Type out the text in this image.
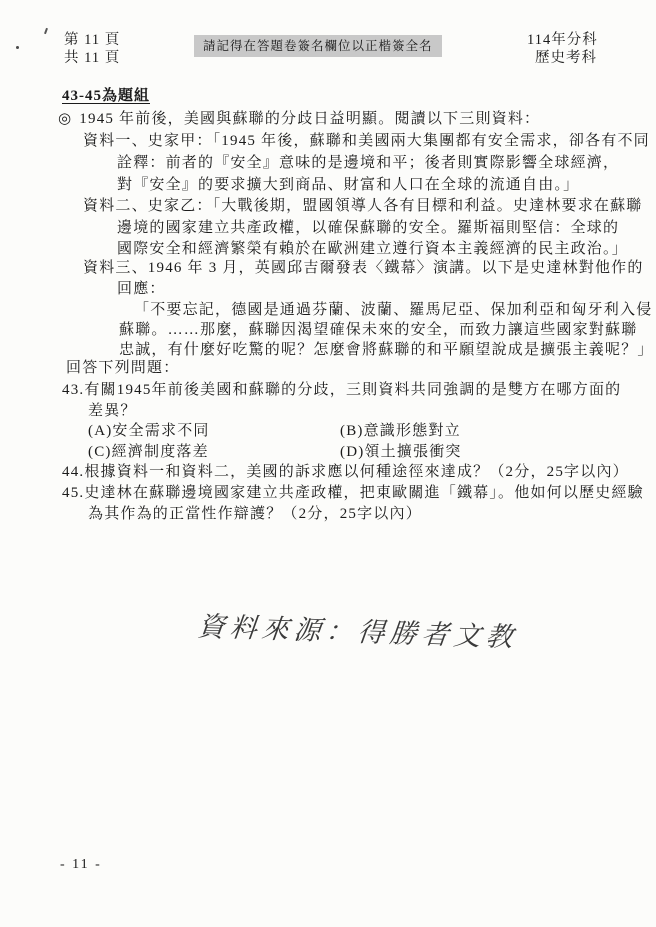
第 11 頁
共 11 頁
請記得在答題卷簽名欄位以正楷簽全名	114年分科
歷史考科
43-45為題組
◎ 1945 年前後，美國與蘇聯的分歧日益明顯。閱讀以下三則資料：
資料一、史家甲：「1945 年後，蘇聯和美國兩大集團都有安全需求，卻各有不同
詮釋：前者的『安全』意味的是邊境和平；後者則實際影響全球經濟，
對『安全』的要求擴大到商品、財富和人口在全球的流通自由。」
資料二、史家乙：「大戰後期，盟國領導人各有目標和利益。史達林要求在蘇聯
邊境的國家建立共產政權，以確保蘇聯的安全。羅斯福則堅信：全球的
國際安全和經濟繁榮有賴於在歐洲建立遵行資本主義經濟的民主政治。」
資料三、1946 年 3 月，英國邱吉爾發表〈鐵幕〉演講。以下是史達林對他作的
回應：
「不要忘記，德國是通過芬蘭、波蘭、羅馬尼亞、保加利亞和匈牙利入侵
蘇聯。……那麼，蘇聯因渴望確保未來的安全，而致力讓這些國家對蘇聯
忠誠，有什麼好吃驚的呢？怎麼會將蘇聯的和平願望說成是擴張主義呢？」
回答下列問題：
43.有關1945年前後美國和蘇聯的分歧，三則資料共同強調的是雙方在哪方面的
差異？
(A)安全需求不同	(B)意識形態對立
(C)經濟制度落差	(D)領土擴張衝突
44.根據資料一和資料二，美國的訴求應以何種途徑來達成？（2分，25字以內）
45.史達林在蘇聯邊境國家建立共產政權，把東歐關進「鐵幕」。他如何以歷史經驗
為其作為的正當性作辯護？（2分，25字以內）
資料來源：得勝者文教
- 11 -
